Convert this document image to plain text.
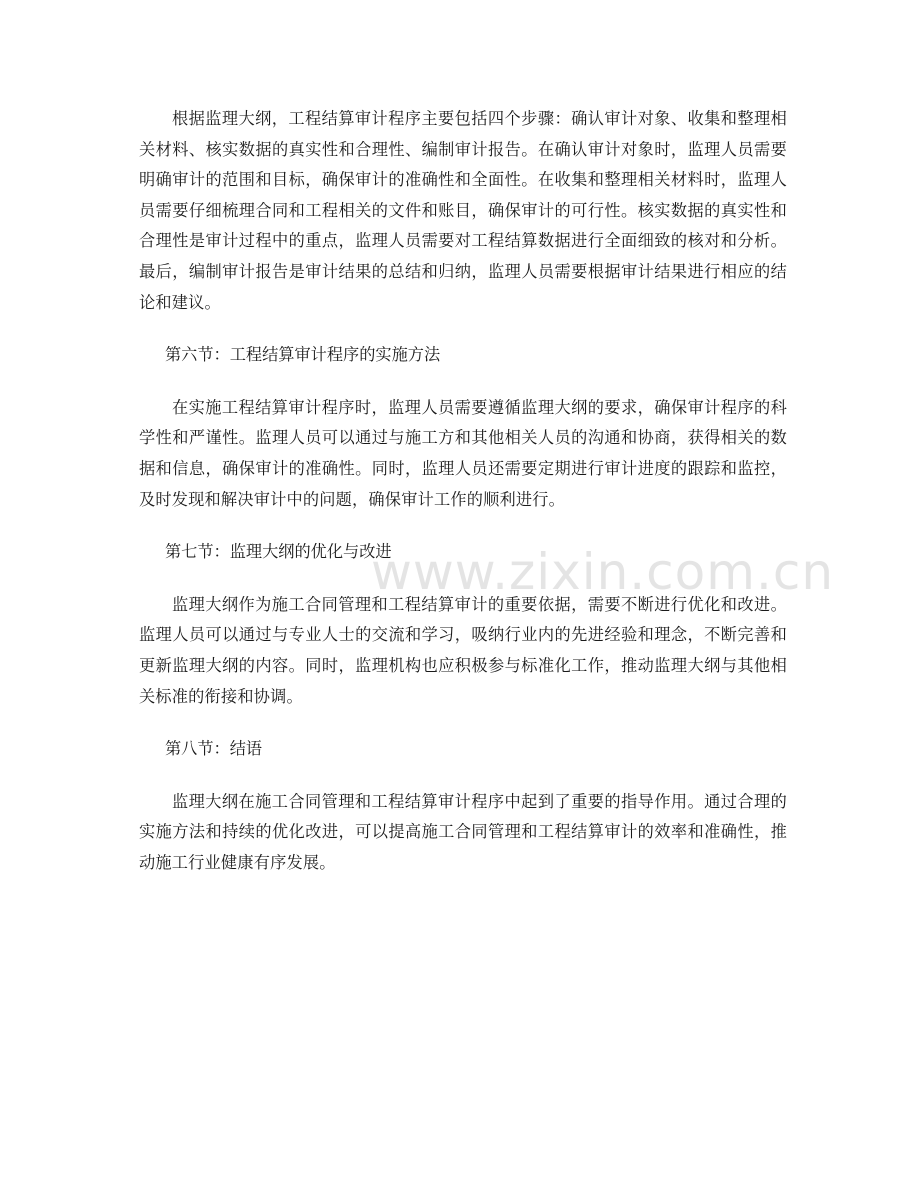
根据监理大纲，工程结算审计程序主要包括四个步骤：确认审计对象、收集和整理相关材料、核实数据的真实性和合理性、编制审计报告。在确认审计对象时，监理人员需要明确审计的范围和目标，确保审计的准确性和全面性。在收集和整理相关材料时，监理人员需要仔细梳理合同和工程相关的文件和账目，确保审计的可行性。核实数据的真实性和合理性是审计过程中的重点，监理人员需要对工程结算数据进行全面细致的核对和分析。最后，编制审计报告是审计结果的总结和归纳，监理人员需要根据审计结果进行相应的结论和建议。

第六节：工程结算审计程序的实施方法

在实施工程结算审计程序时，监理人员需要遵循监理大纲的要求，确保审计程序的科学性和严谨性。监理人员可以通过与施工方和其他相关人员的沟通和协商，获得相关的数据和信息，确保审计的准确性。同时，监理人员还需要定期进行审计进度的跟踪和监控，及时发现和解决审计中的问题，确保审计工作的顺利进行。

第七节：监理大纲的优化与改进

监理大纲作为施工合同管理和工程结算审计的重要依据，需要不断进行优化和改进。监理人员可以通过与专业人士的交流和学习，吸纳行业内的先进经验和理念，不断完善和更新监理大纲的内容。同时，监理机构也应积极参与标准化工作，推动监理大纲与其他相关标准的衔接和协调。

第八节：结语

监理大纲在施工合同管理和工程结算审计程序中起到了重要的指导作用。通过合理的实施方法和持续的优化改进，可以提高施工合同管理和工程结算审计的效率和准确性，推动施工行业健康有序发展。

www.zixin.com.cn
